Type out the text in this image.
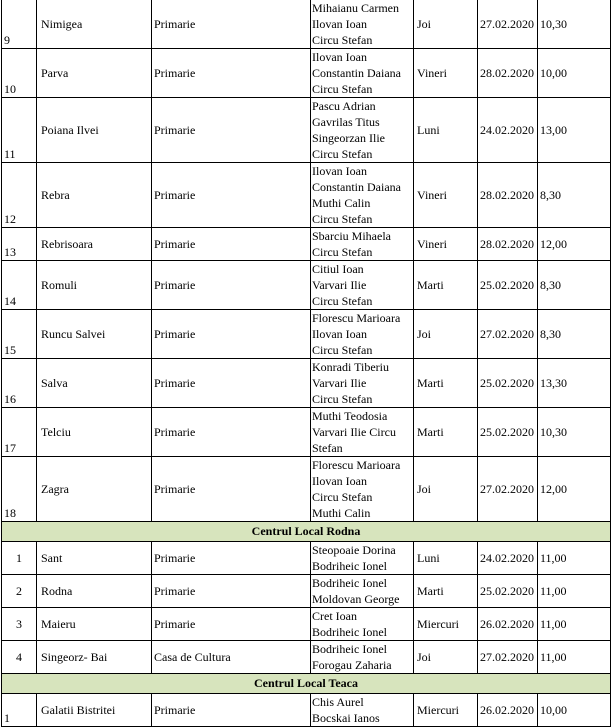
9	Nimigea	Primarie	Mihaianu Carmen
Ilovan Ioan
Circu Stefan	Joi	27.02.2020	10,30
10	Parva	Primarie	Ilovan Ioan
Constantin Daiana
Circu Stefan	Vineri	28.02.2020	10,00
11	Poiana Ilvei	Primarie	Pascu Adrian
Gavrilas Titus
Singeorzan Ilie
Circu Stefan	Luni	24.02.2020	13,00
12	Rebra	Primarie	Ilovan Ioan
Constantin Daiana
Muthi Calin
Circu Stefan	Vineri	28.02.2020	8,30
13	Rebrisoara	Primarie	Sbarciu Mihaela
Circu Stefan	Vineri	28.02.2020	12,00
14	Romuli	Primarie	Citiul Ioan
Varvari Ilie
Circu Stefan	Marti	25.02.2020	8,30
15	Runcu Salvei	Primarie	Florescu Marioara
Ilovan Ioan
Circu Stefan	Joi	27.02.2020	8,30
16	Salva	Primarie	Konradi Tiberiu
Varvari Ilie
Circu Stefan	Marti	25.02.2020	13,30
17	Telciu	Primarie	Muthi Teodosia
Varvari Ilie Circu
Stefan	Marti	25.02.2020	10,30
18	Zagra	Primarie	Florescu Marioara
Ilovan Ioan
Circu Stefan
Muthi Calin	Joi	27.02.2020	12,00
Centrul Local Rodna						
1	Sant	Primarie	Steopoaie Dorina
Bodriheic Ionel	Luni	24.02.2020	11,00
2	Rodna	Primarie	Bodriheic Ionel
Moldovan George	Marti	25.02.2020	11,00
3	Maieru	Primarie	Cret Ioan
Bodriheic Ionel	Miercuri	26.02.2020	11,00
4	Singeorz- Bai	Casa de Cultura	Bodriheic Ionel
Forogau Zaharia	Joi	27.02.2020	11,00
Centrul Local Teaca						
1	Galatii Bistritei	Primarie	Chis Aurel
Bocskai Ianos	Miercuri	26.02.2020	10,00
